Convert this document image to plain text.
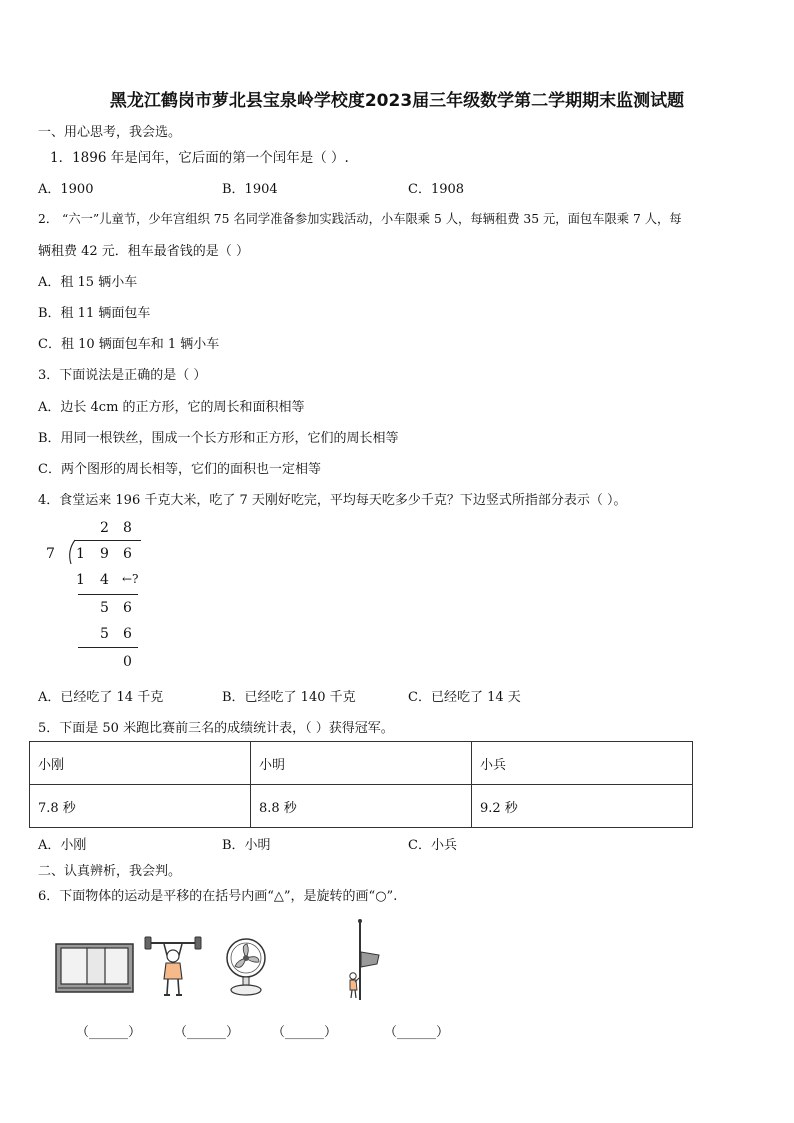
黑龙江鹤岗市萝北县宝泉岭学校度2023届三年级数学第二学期期末监测试题
一、用心思考，我会选。
1．1896 年是闰年，它后面的第一个闰年是（ ）.
A．1900	B．1904	C．1908
2． “六一”儿童节，少年宫组织 75 名同学准备参加实践活动，小车限乘 5 人，每辆租费 35 元，面包车限乘 7 人，每
辆租费 42 元．租车最省钱的是（ ）
A．租 15 辆小车
B．租 11 辆面包车
C．租 10 辆面包车和 1 辆小车
3．下面说法是正确的是（ ）
A．边长 4cm 的正方形，它的周长和面积相等
B．用同一根铁丝，围成一个长方形和正方形，它们的周长相等
C．两个图形的周长相等，它们的面积也一定相等
4．食堂运来 196 千克大米，吃了 7 天刚好吃完，平均每天吃多少千克？下边竖式所指部分表示（ ）。
2 8
7 1 9 6
1 4 ←?
5 6
5 6
0
A．已经吃了 14 千克	B．已经吃了 140 千克	C．已经吃了 14 天
5．下面是 50 米跑比赛前三名的成绩统计表，（ ）获得冠军。
小刚	小明	小兵
7.8 秒	8.8 秒	9.2 秒
A．小刚	B．小明	C．小兵
二、认真辨析，我会判。
6．下面物体的运动是平移的在括号内画“△”，是旋转的画“○”.
（______）	（______）	（______）	（______）
